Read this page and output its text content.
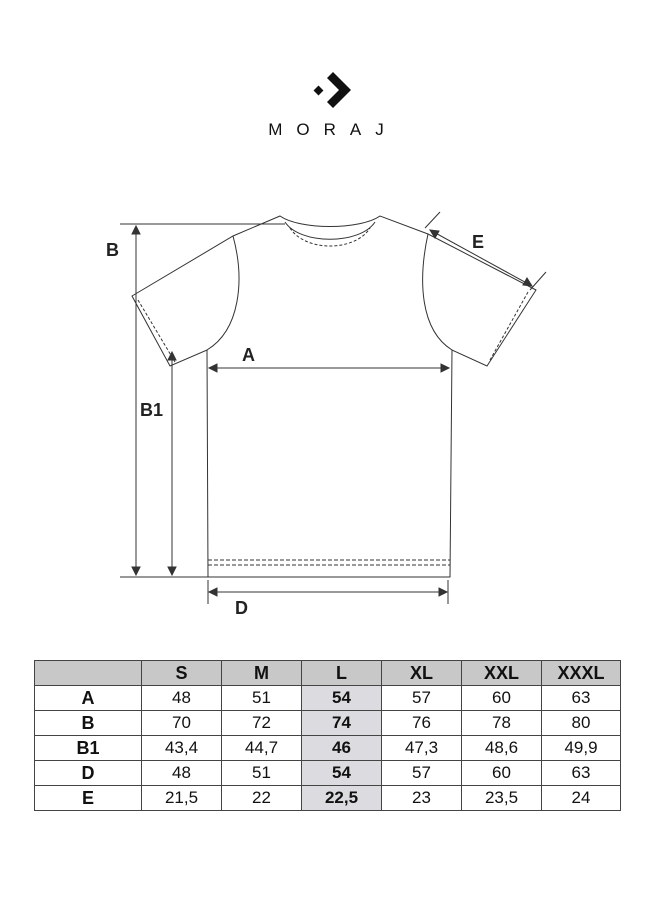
MORAJ
B
B1
A
D
E
	S	M	L	XL	XXL	XXXL
A	48	51	54	57	60	63
B	70	72	74	76	78	80
B1	43,4	44,7	46	47,3	48,6	49,9
D	48	51	54	57	60	63
E	21,5	22	22,5	23	23,5	24
